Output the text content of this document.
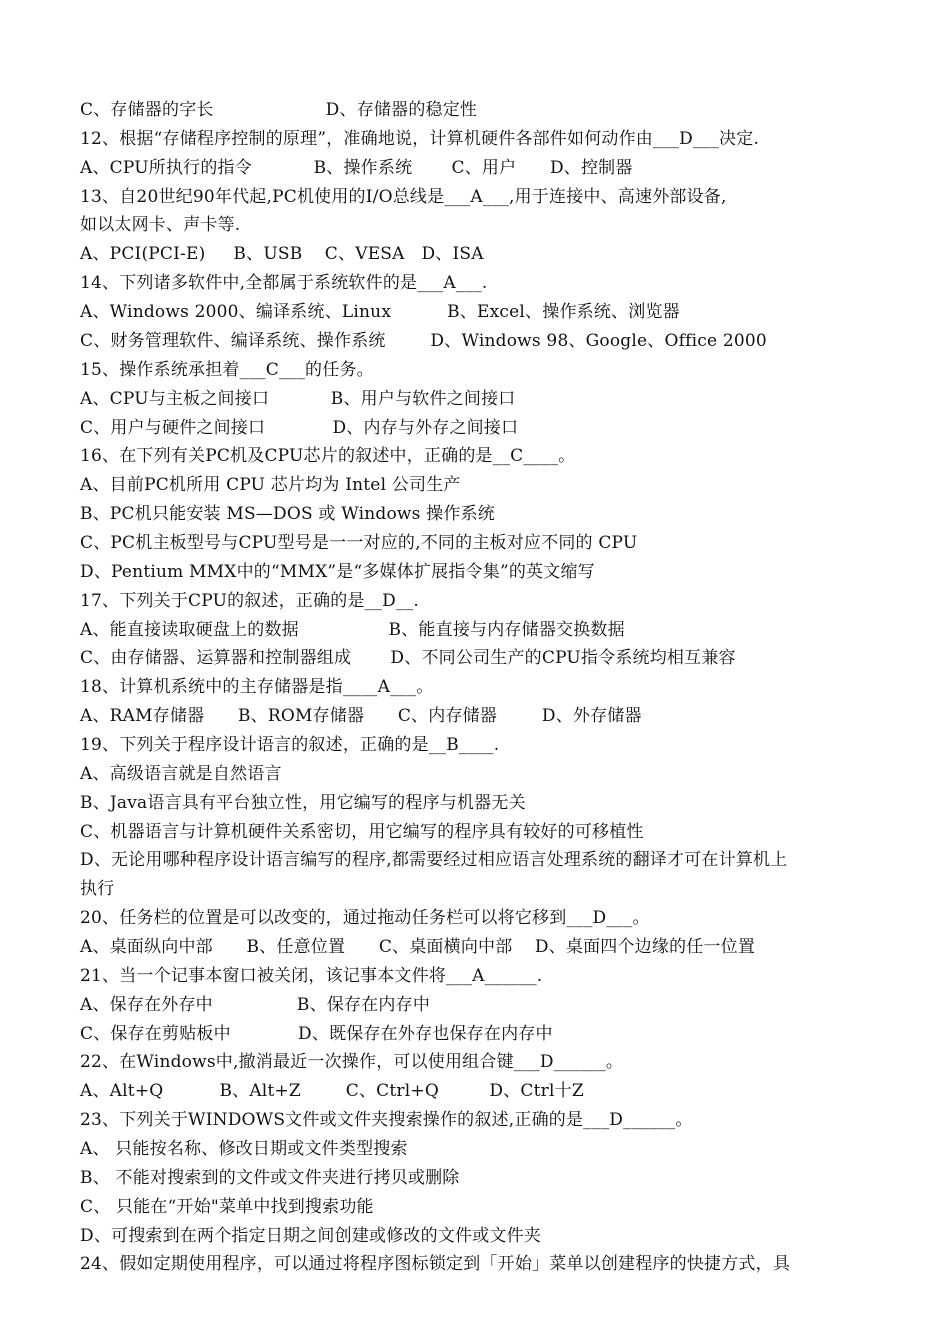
C、存储器的字长                    D、存储器的稳定性
12、根据“存储程序控制的原理”，准确地说，计算机硬件各部件如何动作由___D___决定.
A、CPU所执行的指令           B、操作系统       C、用户      D、控制器
13、自20世纪90年代起,PC机使用的I/O总线是___A___,用于连接中、高速外部设备,
如以太网卡、声卡等.
A、PCI(PCI-E)     B、USB    C、VESA   D、ISA
14、下列诸多软件中,全都属于系统软件的是___A___.
A、Windows 2000、编译系统、Linux          B、Excel、操作系统、浏览器
C、财务管理软件、编译系统、操作系统        D、Windows 98、Google、Office 2000
15、操作系统承担着___C___的任务。
A、CPU与主板之间接口           B、用户与软件之间接口
C、用户与硬件之间接口            D、内存与外存之间接口
16、在下列有关PC机及CPU芯片的叙述中，正确的是__C____。
A、目前PC机所用 CPU 芯片均为 Intel 公司生产
B、PC机只能安装 MS—DOS 或 Windows 操作系统
C、PC机主板型号与CPU型号是一一对应的,不同的主板对应不同的 CPU
D、Pentium MMX中的“MMX”是“多媒体扩展指令集”的英文缩写
17、下列关于CPU的叙述，正确的是__D__.
A、能直接读取硬盘上的数据                B、能直接与内存储器交换数据
C、由存储器、运算器和控制器组成       D、不同公司生产的CPU指令系统均相互兼容
18、计算机系统中的主存储器是指____A___。
A、RAM存储器      B、ROM存储器      C、内存储器        D、外存储器
19、下列关于程序设计语言的叙述，正确的是__B____.
A、高级语言就是自然语言
B、Java语言具有平台独立性，用它编写的程序与机器无关
C、机器语言与计算机硬件关系密切，用它编写的程序具有较好的可移植性
D、无论用哪种程序设计语言编写的程序,都需要经过相应语言处理系统的翻译才可在计算机上
执行
20、任务栏的位置是可以改变的，通过拖动任务栏可以将它移到___D___。
A、桌面纵向中部      B、任意位置      C、桌面横向中部    D、桌面四个边缘的任一位置
21、当一个记事本窗口被关闭，该记事本文件将___A______.
A、保存在外存中               B、保存在内存中
C、保存在剪贴板中            D、既保存在外存也保存在内存中
22、在Windows中,撤消最近一次操作，可以使用组合键___D______。
A、Alt+Q          B、Alt+Z        C、Ctrl+Q         D、Ctrl十Z
23、下列关于WINDOWS文件或文件夹搜索操作的叙述,正确的是___D______。
A、 只能按名称、修改日期或文件类型搜索
B、 不能对搜索到的文件或文件夹进行拷贝或删除
C、 只能在“开始"菜单中找到搜索功能
D、可搜索到在两个指定日期之间创建或修改的文件或文件夹
24、假如定期使用程序，可以通过将程序图标锁定到「开始」菜单以创建程序的快捷方式，具
